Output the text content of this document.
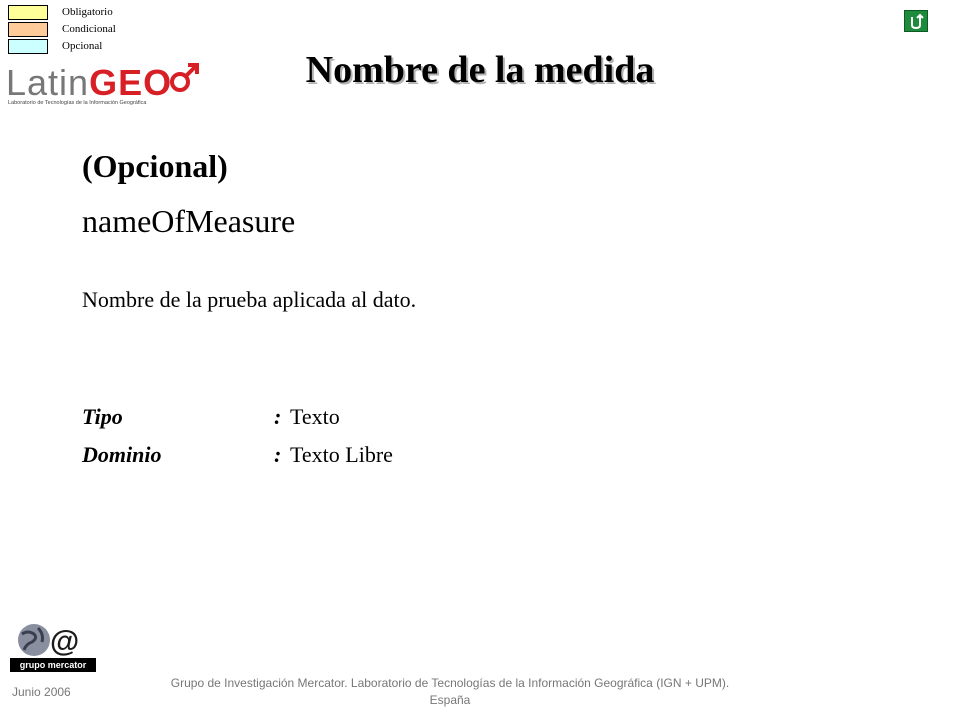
Obligatorio
Condicional
Opcional
LatinGEO
Laboratorio de Tecnologías de la Información Geográfica
Nombre de la medida
(Opcional)
nameOfMeasure
Nombre de la prueba aplicada al dato.
Tipo	: Texto
Dominio	: Texto Libre
@
grupo mercator
Junio 2006
Grupo de Investigación Mercator. Laboratorio de Tecnologías de la Información Geográfica (IGN + UPM).
España
